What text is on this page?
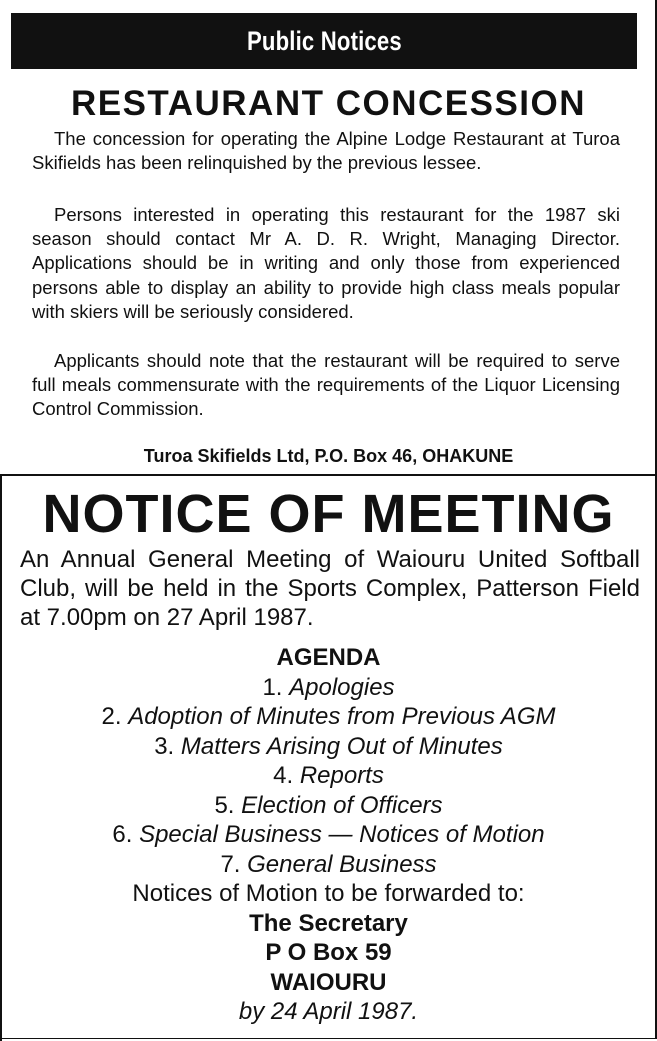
Public Notices
RESTAURANT CONCESSION

The concession for operating the Alpine Lodge Restaurant at Turoa Skifields has been relinquished by the previous lessee.

Persons interested in operating this restaurant for the 1987 ski season should contact Mr A. D. R. Wright, Managing Director. Applications should be in writing and only those from experienced persons able to display an ability to provide high class meals popular with skiers will be seriously considered.

Applicants should note that the restaurant will be required to serve full meals commensurate with the requirements of the Liquor Licensing Control Commission.

Turoa Skifields Ltd, P.O. Box 46, OHAKUNE
NOTICE OF MEETING

An Annual General Meeting of Waiouru United Softball Club, will be held in the Sports Complex, Patterson Field at 7.00pm on 27 April 1987.

AGENDA
1. Apologies
2. Adoption of Minutes from Previous AGM
3. Matters Arising Out of Minutes
4. Reports
5. Election of Officers
6. Special Business — Notices of Motion
7. General Business
Notices of Motion to be forwarded to:
The Secretary
P O Box 59
WAIOURU
by 24 April 1987.
